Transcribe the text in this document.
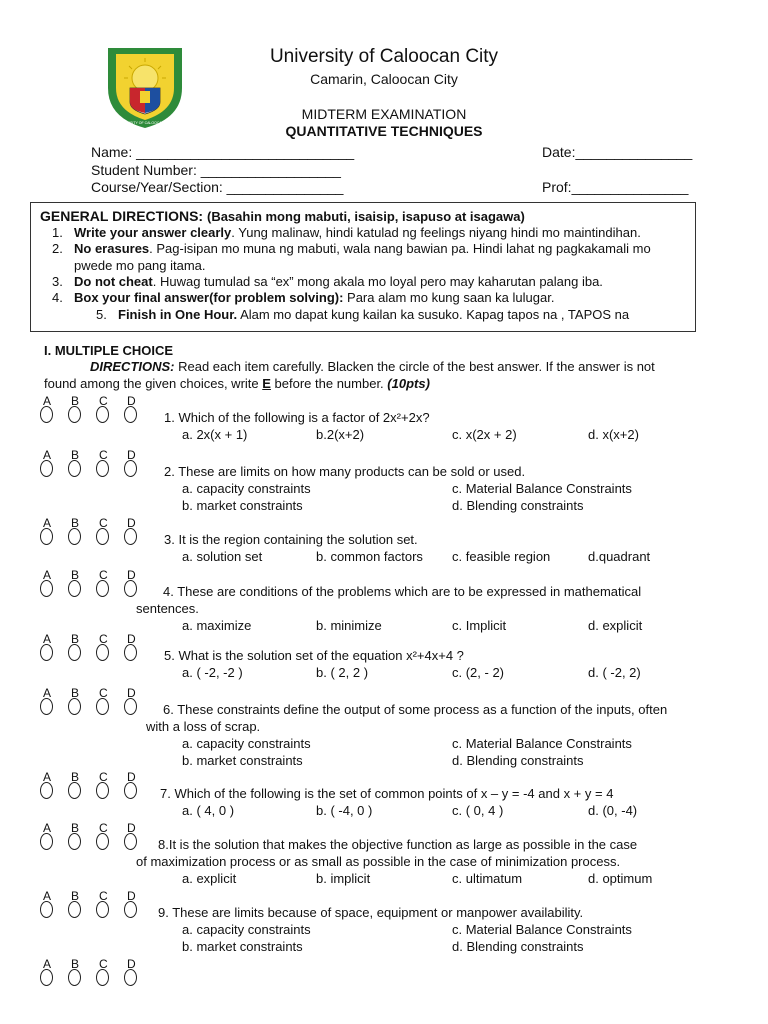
UNIVERSITY OF CALOOCAN CITY
University of Caloocan City
Camarin, Caloocan City
MIDTERM EXAMINATION
QUANTITATIVE TECHNIQUES
Name: ____________________________
Student Number: __________________
Course/Year/Section: _______________
Date:_______________
Prof:_______________
GENERAL DIRECTIONS: (Basahin mong mabuti, isaisip, isapuso at isagawa)
1. Write your answer clearly. Yung malinaw, hindi katulad ng feelings niyang hindi mo maintindihan.
2. No erasures. Pag-isipan mo muna ng mabuti, wala nang bawian pa. Hindi lahat ng pagkakamali mo
pwede mo pang itama.
3. Do not cheat. Huwag tumulad sa “ex” mong akala mo loyal pero may kaharutan palang iba.
4. Box your final answer(for problem solving): Para alam mo kung saan ka lulugar.
5. Finish in One Hour. Alam mo dapat kung kailan ka susuko. Kapag tapos na , TAPOS na
I. MULTIPLE CHOICE
DIRECTIONS: Read each item carefully. Blacken the circle of the best answer. If the answer is not
found among the given choices, write E before the number. (10pts)
A B C D
1. Which of the following is a factor of 2x²+2x?
a. 2x(x + 1)	b.2(x+2)	c. x(2x + 2)	d. x(x+2)
A B C D
2. These are limits on how many products can be sold or used.
a. capacity constraints	c. Material Balance Constraints
b. market constraints	d. Blending constraints
A B C D
3. It is the region containing the solution set.
a. solution set	b. common factors c. feasible region	d.quadrant
A B C D
4. These are conditions of the problems which are to be expressed in mathematical
sentences.
a. maximize	b. minimize	c. Implicit	d. explicit
A B C D
5. What is the solution set of the equation x²+4x+4 ?
a. ( -2, -2 )	b. ( 2, 2 )	c. (2, - 2)	d. ( -2, 2)
A B C D
6. These constraints define the output of some process as a function of the inputs, often
with a loss of scrap.
a. capacity constraints	c. Material Balance Constraints
b. market constraints	d. Blending constraints
A B C D
7. Which of the following is the set of common points of x – y = -4 and x + y = 4
a. ( 4, 0 )	b. ( -4, 0 )	c. ( 0, 4 )	d. (0, -4)
A B C D
8.It is the solution that makes the objective function as large as possible in the case
of maximization process or as small as possible in the case of minimization process.
a. explicit	b. implicit	c. ultimatum	d. optimum
A B C D
9. These are limits because of space, equipment or manpower availability.
a. capacity constraints	c. Material Balance Constraints
b. market constraints	d. Blending constraints
A B C D
